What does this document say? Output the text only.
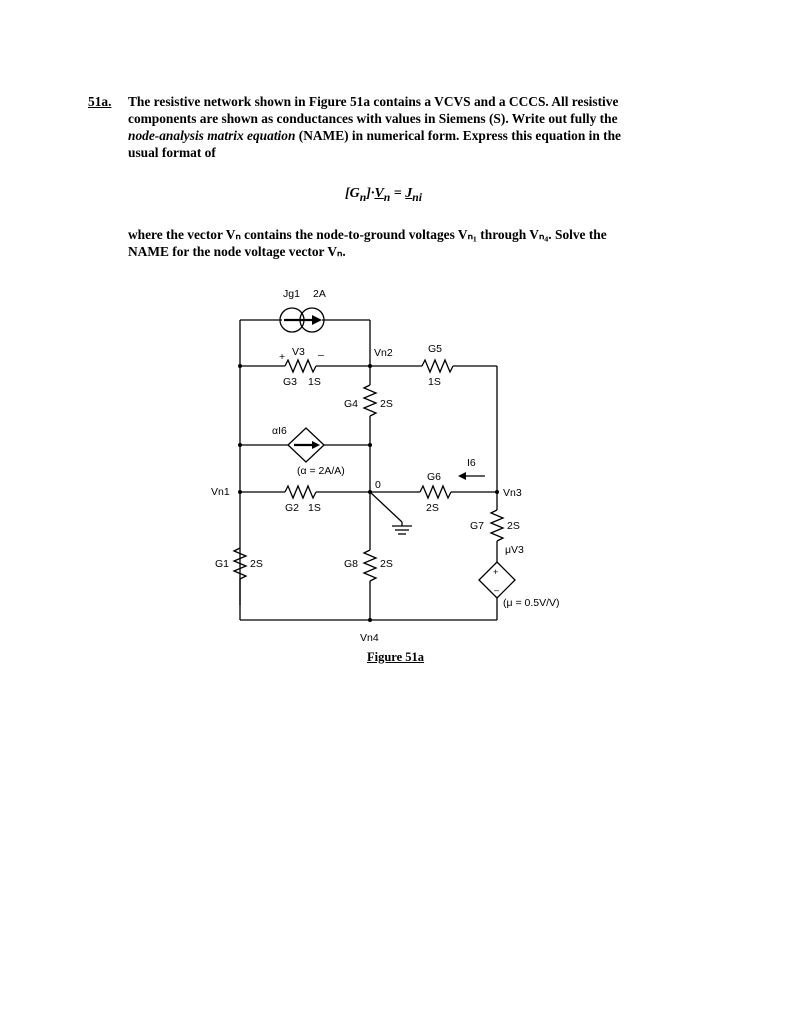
51a. The resistive network shown in Figure 51a contains a VCVS and a CCCS. All resistive
components are shown as conductances with values in Siemens (S). Write out fully the
node-analysis matrix equation (NAME) in numerical form. Express this equation in the
usual format of
$[G_n]\cdot V_n = J_{ni}$
where the vector Vₙ contains the node-to-ground voltages Vₙ₁ through Vₙ₄. Solve the
NAME for the node voltage vector Vₙ.
Jg1 2A
+ V3 –
G3 1S
Vn2	G5
1S
G4 2S
αI6
(α = 2A/A)
0
G6
I6
Vn1
G2 1S	2S
Vn3
G7 2S
G1 2S	G8 2S
μV3
(μ = 0.5V/V)
+
–
Vn4
Figure 51a
